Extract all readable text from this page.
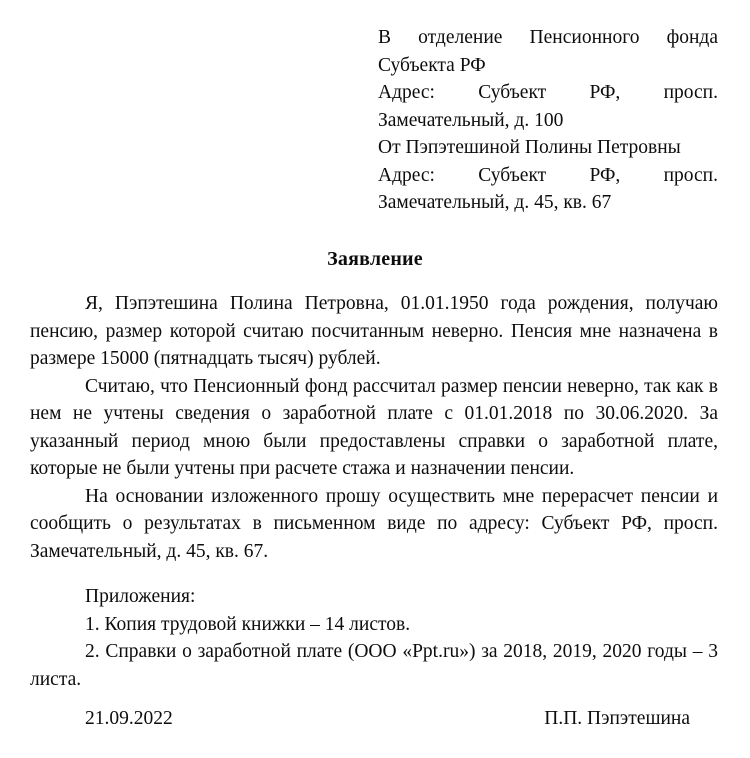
В отделение Пенсионного фонда
Субъекта РФ
Адрес: Субъект РФ, просп.
Замечательный, д. 100
От Пэпэтешиной Полины Петровны
Адрес: Субъект РФ, просп.
Замечательный, д. 45, кв. 67
Заявление

Я, Пэпэтешина Полина Петровна, 01.01.1950 года рождения, получаю пенсию, размер которой считаю посчитанным неверно. Пенсия мне назначена в размере 15000 (пятнадцать тысяч) рублей.

Считаю, что Пенсионный фонд рассчитал размер пенсии неверно, так как в нем не учтены сведения о заработной плате с 01.01.2018 по 30.06.2020. За указанный период мною были предоставлены справки о заработной плате, которые не были учтены при расчете стажа и назначении пенсии.

На основании изложенного прошу осуществить мне перерасчет пенсии и сообщить о результатах в письменном виде по адресу: Субъект РФ, просп. Замечательный, д. 45, кв. 67.

Приложения:

1. Копия трудовой книжки – 14 листов.

2. Справки о заработной плате (ООО «Ppt.ru») за 2018, 2019, 2020 годы – 3 листа.

21.09.2022	П.П. Пэпэтешина
